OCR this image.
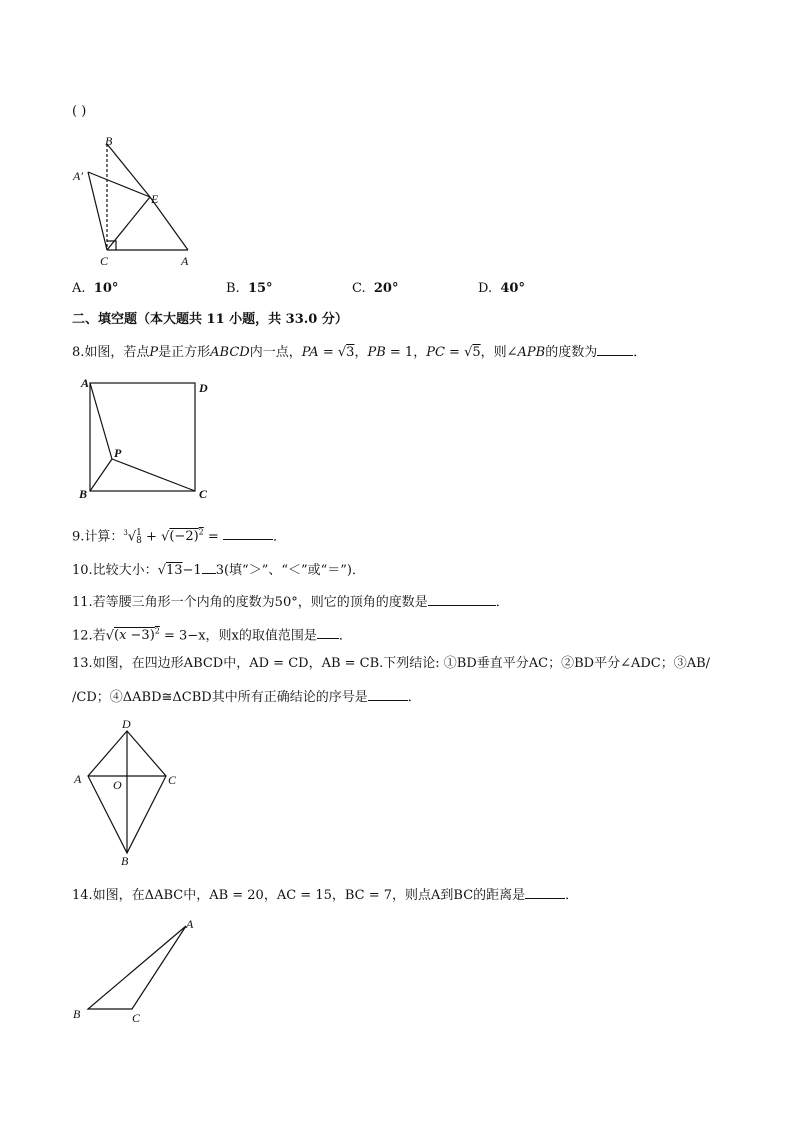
( )
B
A′
E
C	A
A. 10°	B. 15°	C. 20°	D. 40°
二、填空题（本大题共 11 小题，共 33.0 分）
8.如图，若点P是正方形ABCD内一点，PA = √3，PB = 1，PC = √5，则∠APB的度数为	．
A	D
P
B	C
9.计算：$^3$√1
$8 + √(-2)^2$ =	．
10.比较大小：√13−1 3(填“＞”、“＜”或“＝”)．
11.若等腰三角形一个内角的度数为50°，则它的顶角的度数是	．
12.若$√(x -3)^2 = 3-x$，则x的取值范围是 ．
13.如图，在四边形ABCD中，AD = CD，AB = CB.下列结论: ①BD垂直平分AC；②BD平分∠ADC；③AB/
/CD；④ΔABD≅ΔCBD其中所有正确结论的序号是	．
D
A	O	C
B
14.如图，在ΔABC中，AB = 20，AC = 15，BC = 7，则点A到BC的距离是	．
A
B	C
